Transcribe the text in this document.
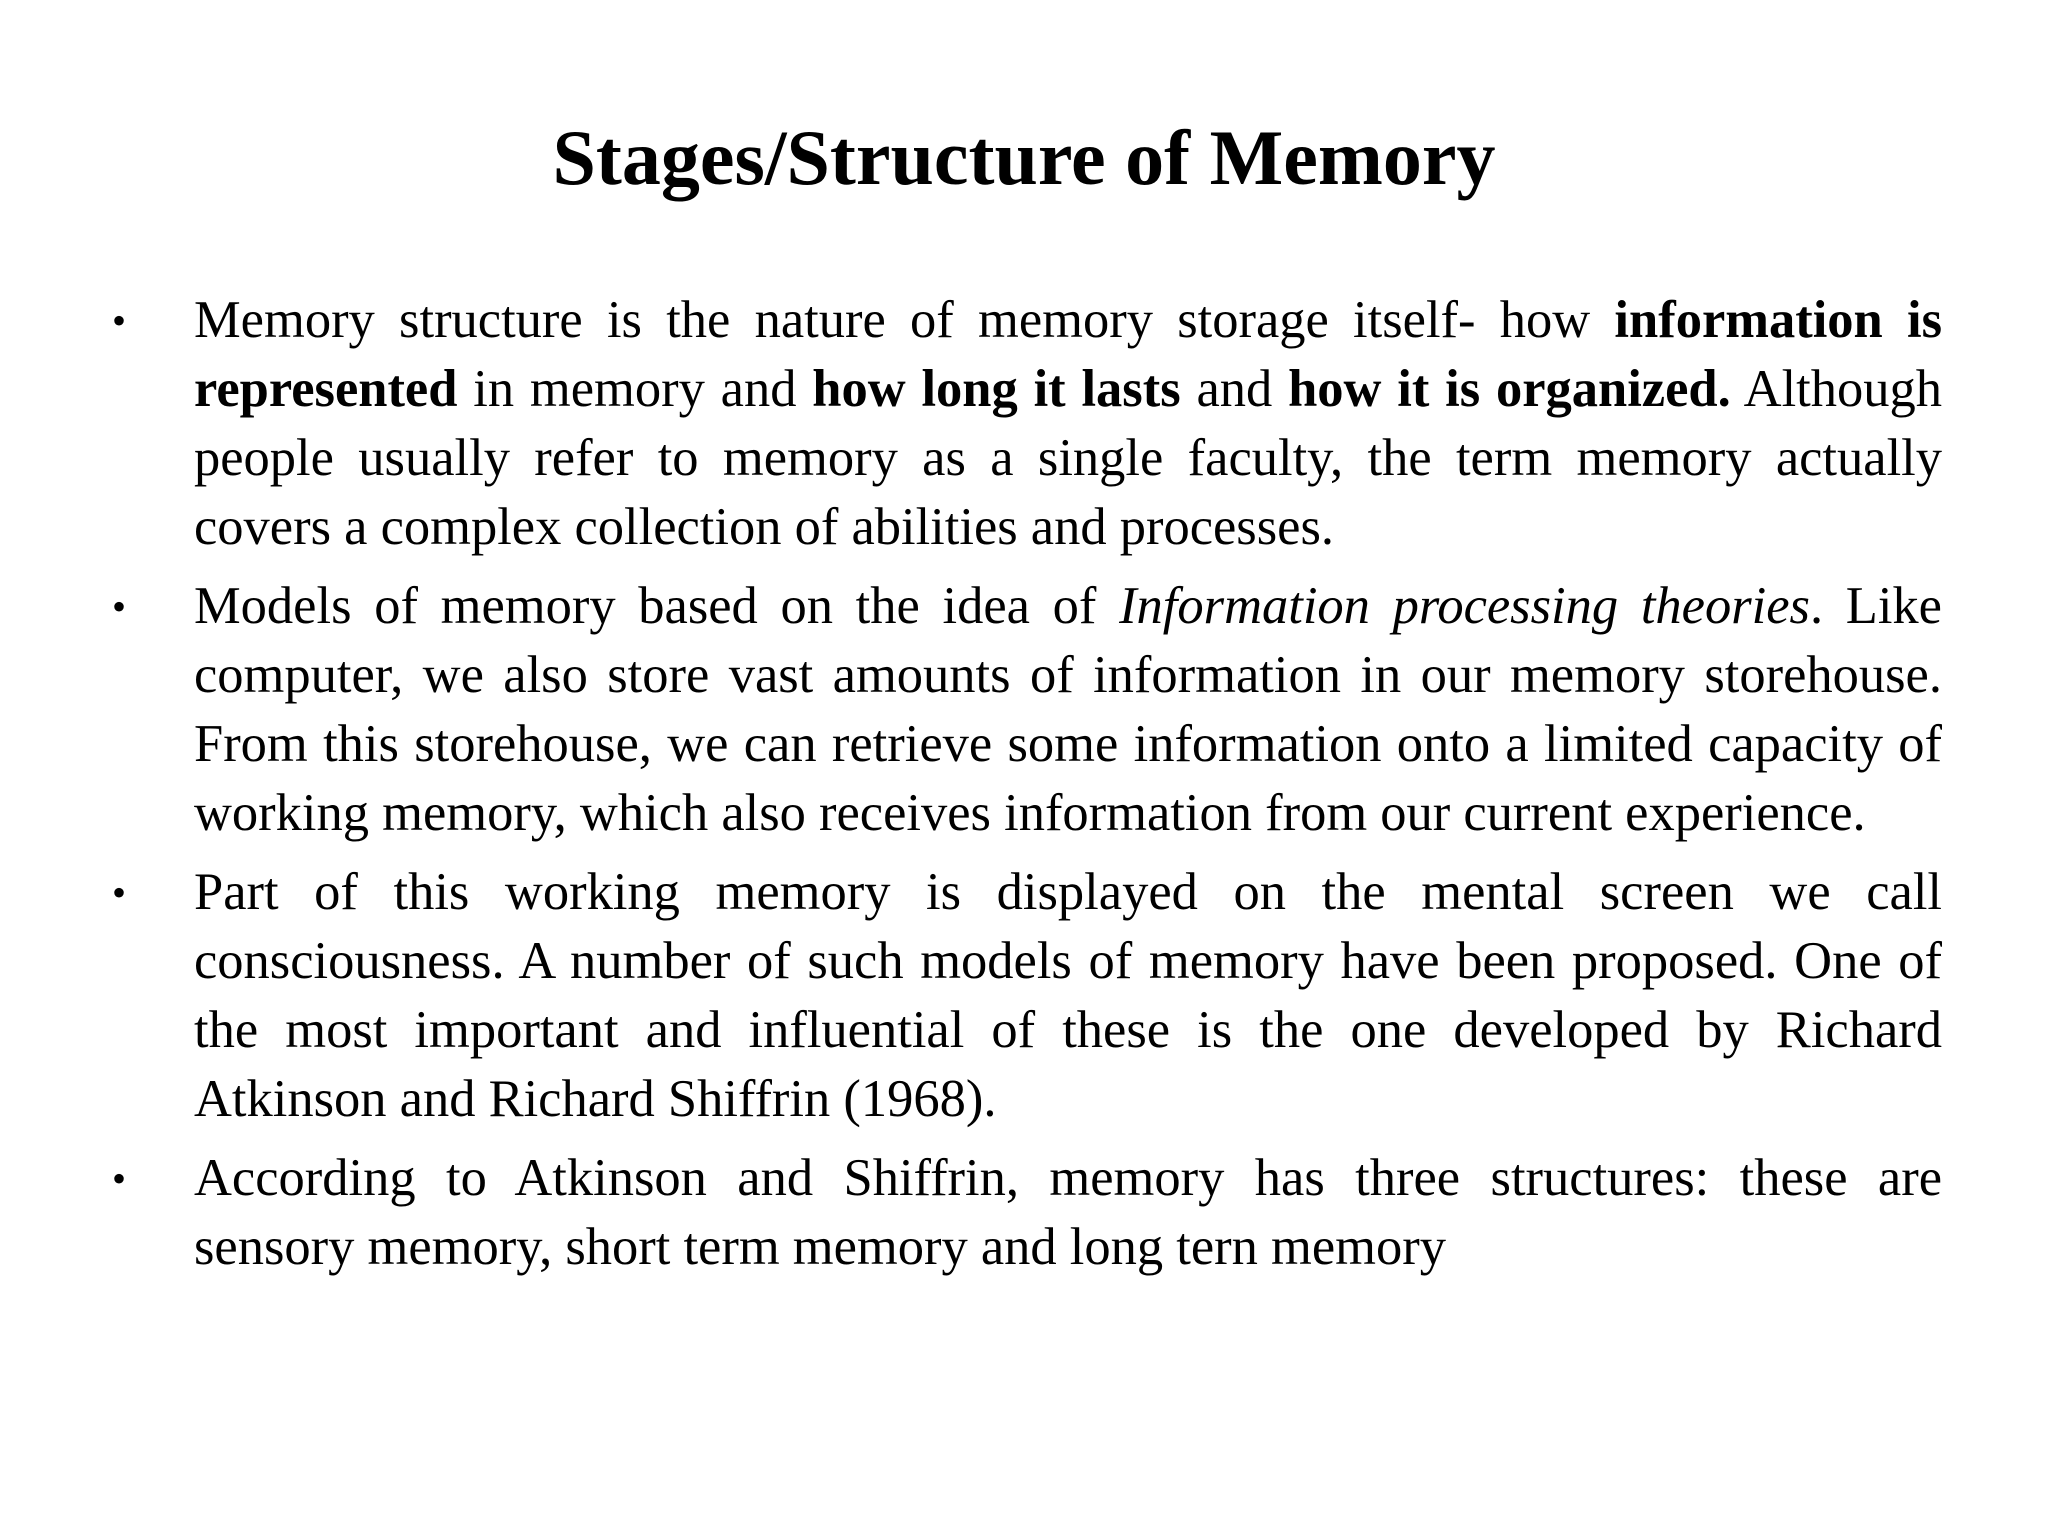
Stages/Structure of Memory
•	Memory structure is the nature of memory storage itself- how information is represented in memory and how long it lasts and how it is organized. Although people usually refer to memory as a single faculty, the term memory actually covers a complex collection of abilities and processes.
•	Models of memory based on the idea of Information processing theories. Like computer, we also store vast amounts of information in our memory storehouse. From this storehouse, we can retrieve some information onto a limited capacity of working memory, which also receives information from our current experience.
•	Part of this working memory is displayed on the mental screen we call consciousness. A number of such models of memory have been proposed. One of the most important and influential of these is the one developed by Richard Atkinson and Richard Shiffrin (1968).
•	According to Atkinson and Shiffrin, memory has three structures: these are sensory memory, short term memory and long tern memory
